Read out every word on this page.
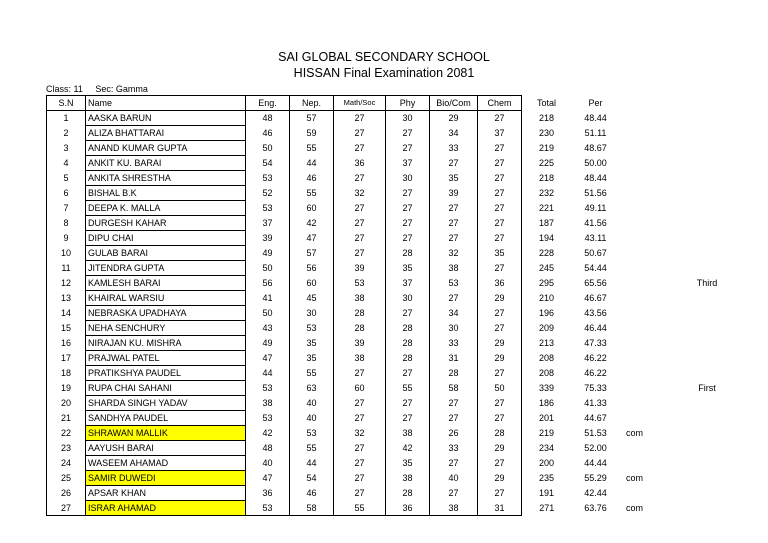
SAI GLOBAL SECONDARY SCHOOL
HISSAN Final Examination 2081
Class: 11 Sec: Gamma
S.N	Name	Eng.	Nep.	Math/Soc	Phy	Bio/Com	Chem	Total	Per		
1	AASKA BARUN	48	57	27	30	29	27	218	48.44		
2	ALIZA BHATTARAI	46	59	27	27	34	37	230	51.11		
3	ANAND KUMAR GUPTA	50	55	27	27	33	27	219	48.67		
4	ANKIT KU. BARAI	54	44	36	37	27	27	225	50.00		
5	ANKITA SHRESTHA	53	46	27	30	35	27	218	48.44		
6	BISHAL B.K	52	55	32	27	39	27	232	51.56		
7	DEEPA K. MALLA	53	60	27	27	27	27	221	49.11		
8	DURGESH KAHAR	37	42	27	27	27	27	187	41.56		
9	DIPU CHAI	39	47	27	27	27	27	194	43.11		
10	GULAB BARAI	49	57	27	28	32	35	228	50.67		
11	JITENDRA GUPTA	50	56	39	35	38	27	245	54.44		
12	KAMLESH BARAI	56	60	53	37	53	36	295	65.56		Third
13	KHAIRAL WARSIU	41	45	38	30	27	29	210	46.67		
14	NEBRASKA UPADHAYA	50	30	28	27	34	27	196	43.56		
15	NEHA SENCHURY	43	53	28	28	30	27	209	46.44		
16	NIRAJAN KU. MISHRA	49	35	39	28	33	29	213	47.33		
17	PRAJWAL PATEL	47	35	38	28	31	29	208	46.22		
18	PRATIKSHYA PAUDEL	44	55	27	27	28	27	208	46.22		
19	RUPA CHAI SAHANI	53	63	60	55	58	50	339	75.33		First
20	SHARDA SINGH YADAV	38	40	27	27	27	27	186	41.33		
21	SANDHYA PAUDEL	53	40	27	27	27	27	201	44.67		
22	SHRAWAN MALLIK	42	53	32	38	26	28	219	51.53	com	
23	AAYUSH BARAI	48	55	27	42	33	29	234	52.00		
24	WASEEM AHAMAD	40	44	27	35	27	27	200	44.44		
25	SAMIR DUWEDI	47	54	27	38	40	29	235	55.29	com	
26	APSAR KHAN	36	46	27	28	27	27	191	42.44		
27	ISRAR AHAMAD	53	58	55	36	38	31	271	63.76	com	
